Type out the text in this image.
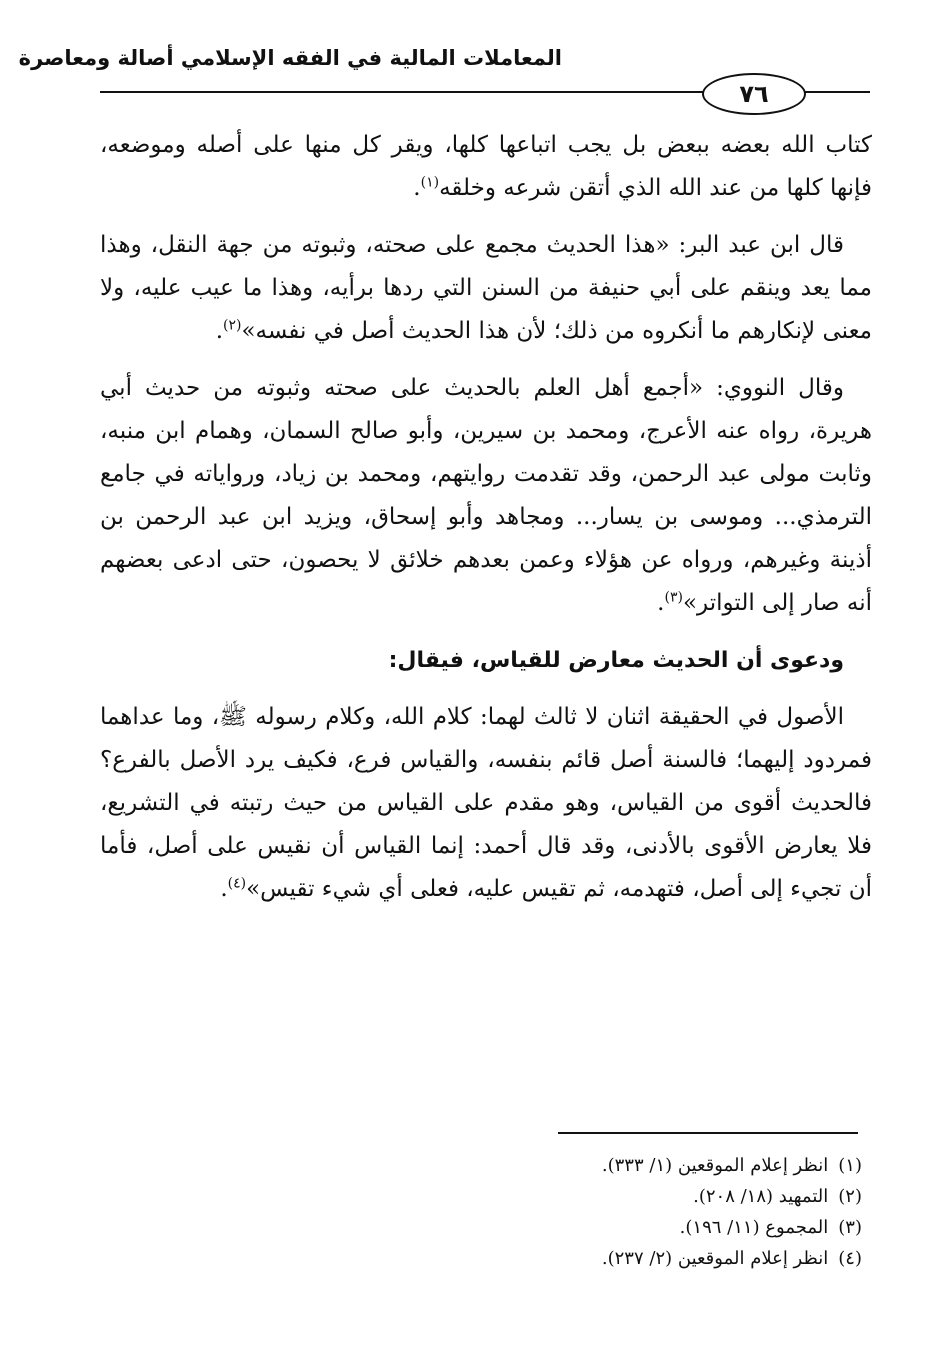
المعاملات المالية في الفقه الإسلامي أصالة ومعاصرة
٧٦

كتاب الله بعضه ببعض بل يجب اتباعها كلها، ويقر كل منها على أصله وموضعه، فإنها كلها من عند الله الذي أتقن شرعه وخلقه$^{(١)}$.

قال ابن عبد البر: «هذا الحديث مجمع على صحته، وثبوته من جهة النقل، وهذا مما يعد وينقم على أبي حنيفة من السنن التي ردها برأيه، وهذا ما عيب عليه، ولا معنى لإنكارهم ما أنكروه من ذلك؛ لأن هذا الحديث أصل في نفسه»$^{(٢)}$.

وقال النووي: «أجمع أهل العلم بالحديث على صحته وثبوته من حديث أبي هريرة، رواه عنه الأعرج، ومحمد بن سيرين، وأبو صالح السمان، وهمام ابن منبه، وثابت مولى عبد الرحمن، وقد تقدمت روايتهم، ومحمد بن زياد، ورواياته في جامع الترمذي... وموسى بن يسار... ومجاهد وأبو إسحاق، ويزيد ابن عبد الرحمن بن أذينة وغيرهم، ورواه عن هؤلاء وعمن بعدهم خلائق لا يحصون، حتى ادعى بعضهم أنه صار إلى التواتر»$^{(٣)}$.

ودعوى أن الحديث معارض للقياس، فيقال:

الأصول في الحقيقة اثنان لا ثالث لهما: كلام الله، وكلام رسوله ﷺ، وما عداهما فمردود إليهما؛ فالسنة أصل قائم بنفسه، والقياس فرع، فكيف يرد الأصل بالفرع؟ فالحديث أقوى من القياس، وهو مقدم على القياس من حيث رتبته في التشريع، فلا يعارض الأقوى بالأدنى، وقد قال أحمد: إنما القياس أن نقيس على أصل، فأما أن تجيء إلى أصل، فتهدمه، ثم تقيس عليه، فعلى أي شيء تقيس»$^{(٤)}$.

(١)انظر إعلام الموقعين (١/ ٣٣٣).
(٢)التمهيد (١٨/ ٢٠٨).
(٣)المجموع (١١/ ١٩٦).
(٤)انظر إعلام الموقعين (٢/ ٢٣٧).
